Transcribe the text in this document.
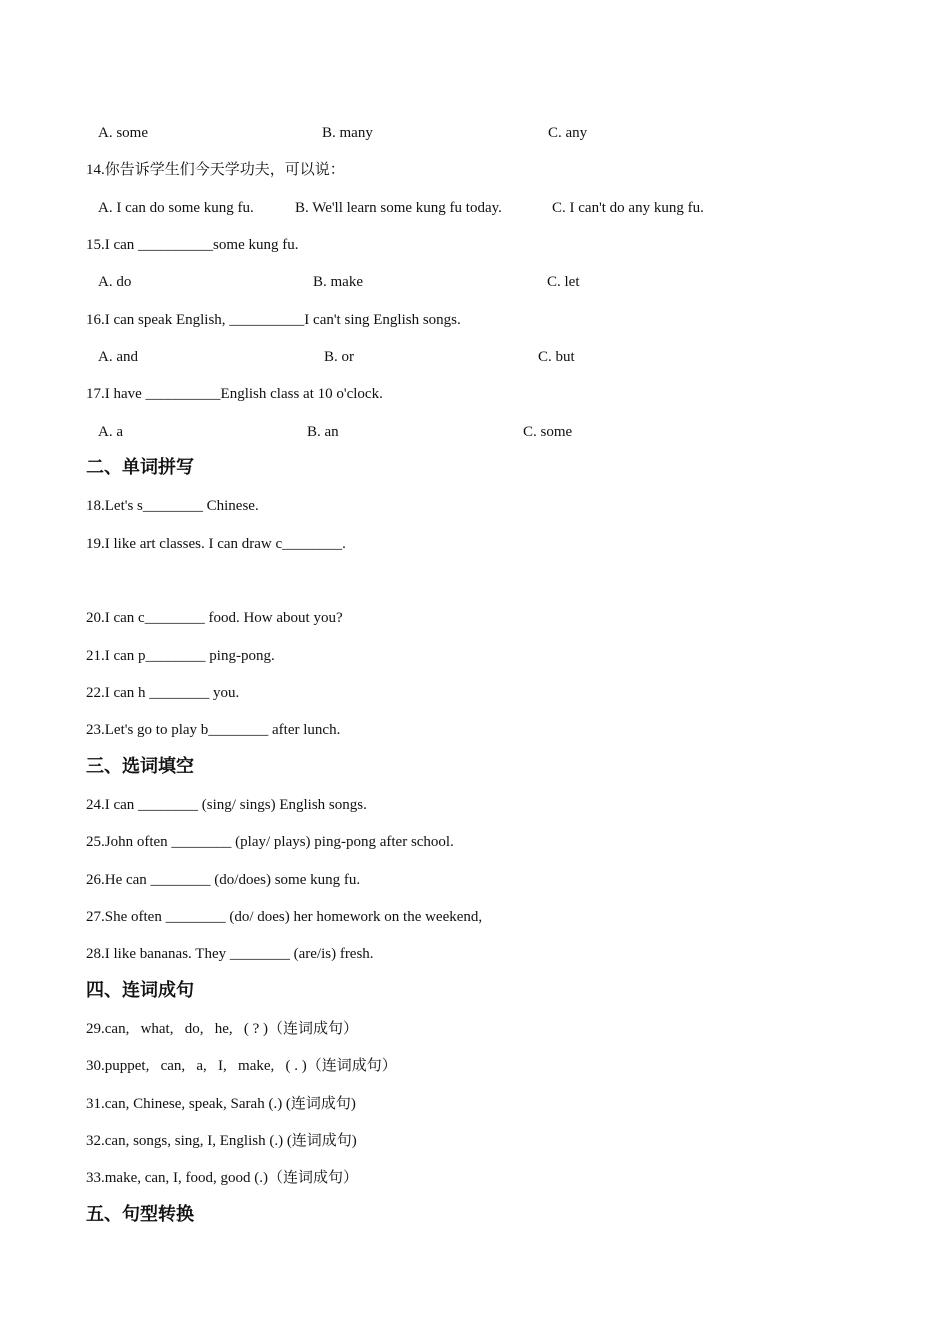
A. some	B. many	C. any
14.你告诉学生们今天学功夫，可以说：
A. I can do some kung fu.	B. We'll learn some kung fu today.	C. I can't do any kung fu.
15.I can __________some kung fu.
A. do	B. make	C. let
16.I can speak English, __________I can't sing English songs.
A. and	B. or	C. but
17.I have __________English class at 10 o'clock.
A. a	B. an	C. some
二、单词拼写
18.Let's s________ Chinese.
19.I like art classes. I can draw c________.
20.I can c________ food. How about you?
21.I can p________ ping-pong.
22.I can h ________ you.
23.Let's go to play b________ after lunch.
三、选词填空
24.I can ________ (sing/ sings) English songs.
25.John often ________ (play/ plays) ping-pong after school.
26.He can ________ (do/does) some kung fu.
27.She often ________ (do/ does) her homework on the weekend,
28.I like bananas. They ________ (are/is) fresh.
四、连词成句
29.can,   what,   do,   he,   ( ? )（连词成句）
30.puppet,   can,   a,   I,   make,   ( . )（连词成句）
31.can, Chinese, speak, Sarah (.) (连词成句)
32.can, songs, sing, I, English (.) (连词成句)
33.make, can, I, food, good (.)（连词成句）
五、句型转换
